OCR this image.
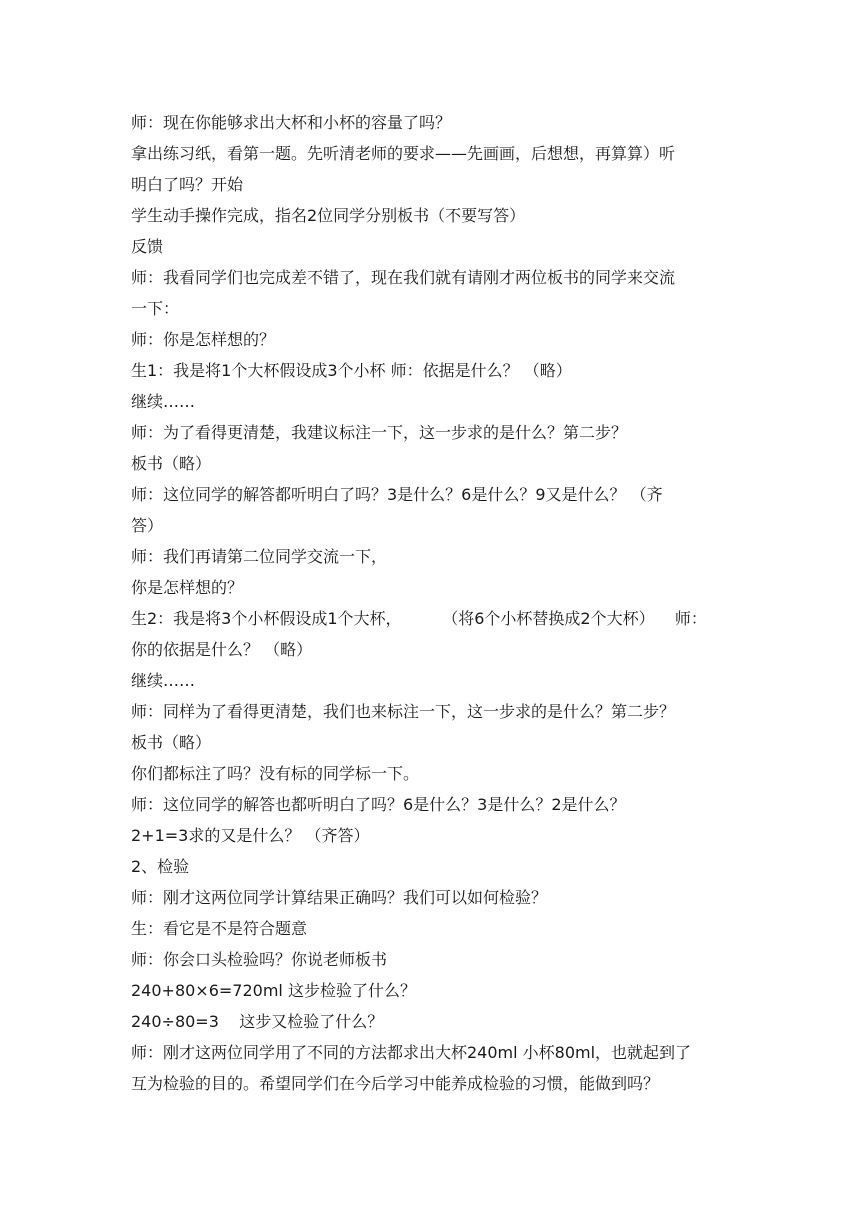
师：现在你能够求出大杯和小杯的容量了吗？
拿出练习纸，看第一题。先听清老师的要求——先画画，后想想，再算算）听
明白了吗？开始
学生动手操作完成，指名2位同学分别板书（不要写答）
反馈
师：我看同学们也完成差不错了，现在我们就有请刚才两位板书的同学来交流
一下：
师：你是怎样想的？
生1：我是将1个大杯假设成3个小杯 师：依据是什么？ （略）
继续……
师：为了看得更清楚，我建议标注一下，这一步求的是什么？第二步？
板书（略）
师：这位同学的解答都听明白了吗？3是什么？6是什么？9又是什么？ （齐
答）
师：我们再请第二位同学交流一下，
你是怎样想的？
生2：我是将3个小杯假设成1个大杯，        （将6个小杯替换成2个大杯）    师：
你的依据是什么？ （略）
继续……
师：同样为了看得更清楚，我们也来标注一下，这一步求的是什么？第二步？
板书（略）
你们都标注了吗？没有标的同学标一下。
师：这位同学的解答也都听明白了吗？6是什么？3是什么？2是什么？
2+1=3求的又是什么？ （齐答）
2、检验
师：刚才这两位同学计算结果正确吗？我们可以如何检验？
生：看它是不是符合题意
师：你会口头检验吗？你说老师板书
240+80×6=720ml 这步检验了什么？
240÷80=3    这步又检验了什么？
师：刚才这两位同学用了不同的方法都求出大杯240ml 小杯80ml，也就起到了
互为检验的目的。希望同学们在今后学习中能养成检验的习惯，能做到吗？
